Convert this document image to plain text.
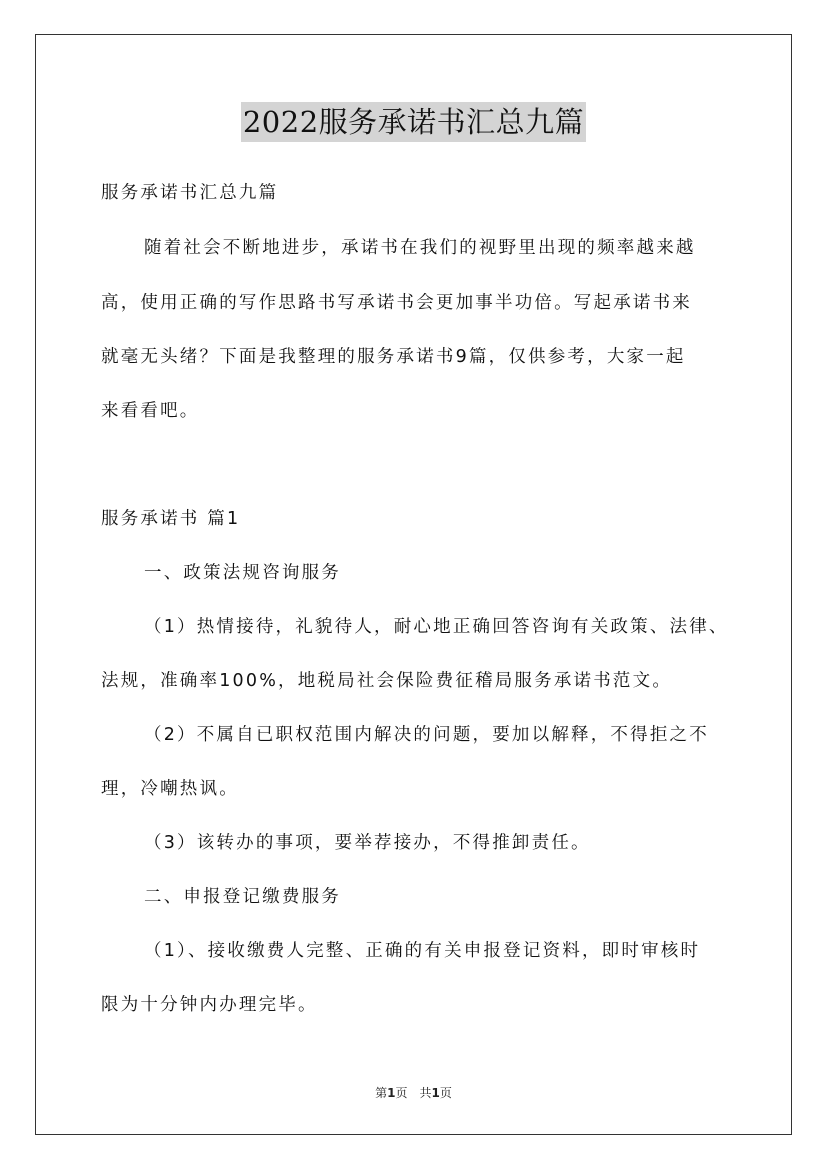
2022服务承诺书汇总九篇
服务承诺书汇总九篇
随着社会不断地进步，承诺书在我们的视野里出现的频率越来越
高，使用正确的写作思路书写承诺书会更加事半功倍。写起承诺书来
就毫无头绪？下面是我整理的服务承诺书9篇，仅供参考，大家一起
来看看吧。
服务承诺书 篇1
一、政策法规咨询服务
（1）热情接待，礼貌待人，耐心地正确回答咨询有关政策、法律、
法规，准确率100%，地税局社会保险费征稽局服务承诺书范文。
（2）不属自已职权范围内解决的问题，要加以解释，不得拒之不
理，冷嘲热讽。
（3）该转办的事项，要举荐接办，不得推卸责任。
二、申报登记缴费服务
（1）、接收缴费人完整、正确的有关申报登记资料，即时审核时
限为十分钟内办理完毕。
第1页　共1页
